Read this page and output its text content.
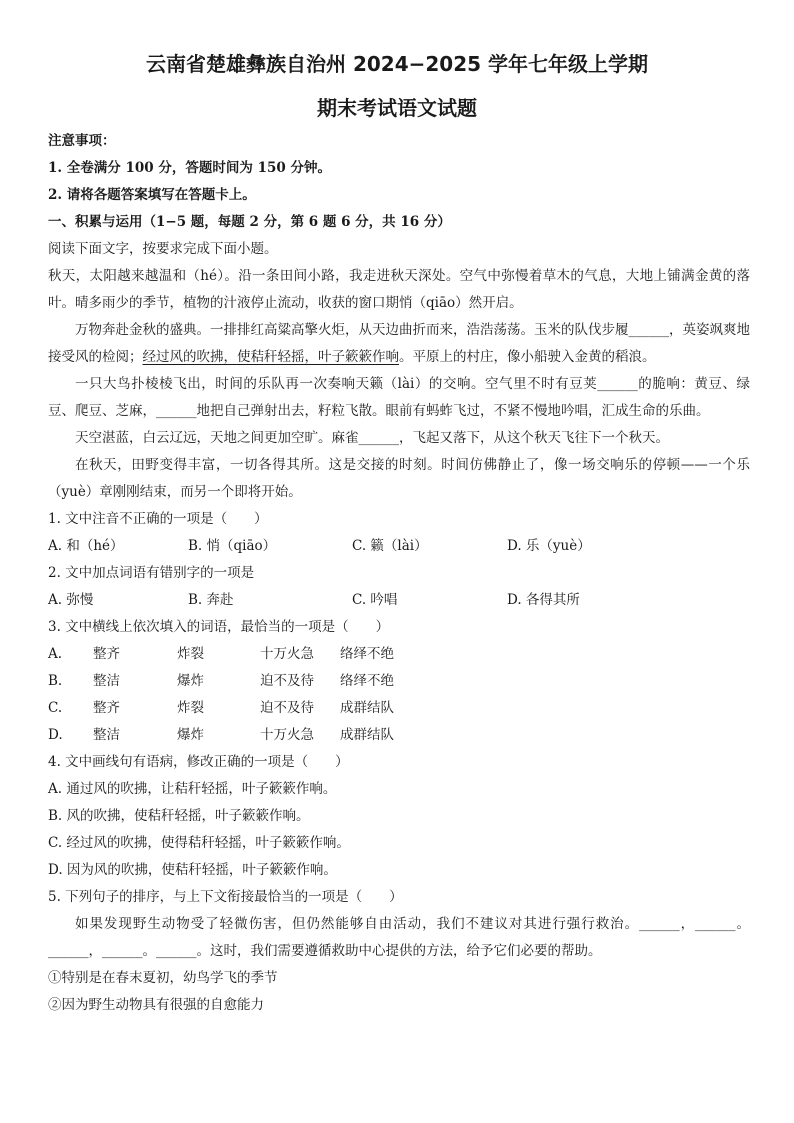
云南省楚雄彝族自治州 2024−2025 学年七年级上学期
期末考试语文试题
注意事项：
1. 全卷满分 100 分，答题时间为 150 分钟。
2. 请将各题答案填写在答题卡上。
一、积累与运用（1−5 题，每题 2 分，第 6 题 6 分，共 16 分）
阅读下面文字，按要求完成下面小题。
秋天，太阳越来越温和（hé）。沿一条田间小路，我走进秋天深处。空气中弥慢着草木的气息，大地上铺满金黄的落叶。晴多雨少的季节，植物的汁液停止流动，收获的窗口期悄（qiāo）然开启。
万物奔赴金秋的盛典。一排排红高粱高擎火炬，从天边曲折而来，浩浩荡荡。玉米的队伐步履______，英姿飒爽地接受风的检阅；经过风的吹拂，使秸秆轻摇，叶子簌簌作响。平原上的村庄，像小船驶入金黄的稻浪。
一只大鸟扑棱棱飞出，时间的乐队再一次奏响天籁（lài）的交响。空气里不时有豆荚______的脆响：黄豆、绿豆、爬豆、芝麻，______地把自己弹射出去，籽粒飞散。眼前有蚂蚱飞过，不紧不慢地吟唱，汇成生命的乐曲。
天空湛蓝，白云辽远，天地之间更加空旷。麻雀______，飞起又落下，从这个秋天飞往下一个秋天。
在秋天，田野变得丰富，一切各得其所。这是交接的时刻。时间仿佛静止了，像一场交响乐的停顿——一个乐（yuè）章刚刚结束，而另一个即将开始。
1. 文中注音不正确的一项是（　　）
A. 和（hé）	B. 悄（qiāo）	C. 籁（lài）	D. 乐（yuè）
2. 文中加点词语有错别字的一项是
A. 弥慢	B. 奔赴	C. 吟唱	D. 各得其所
3. 文中横线上依次填入的词语，最恰当的一项是（　　）
A. 整齐	炸裂	十万火急 络绎不绝
B. 整洁	爆炸	迫不及待 络绎不绝
C. 整齐	炸裂	迫不及待 成群结队
D. 整洁	爆炸	十万火急 成群结队
4. 文中画线句有语病，修改正确的一项是（　　）
A. 通过风的吹拂，让秸秆轻摇，叶子簌簌作响。
B. 风的吹拂，使秸秆轻摇，叶子簌簌作响。
C. 经过风的吹拂，使得秸秆轻摇，叶子簌簌作响。
D. 因为风的吹拂，使秸秆轻摇，叶子簌簌作响。
5. 下列句子的排序，与上下文衔接最恰当的一项是（　　）
如果发现野生动物受了轻微伤害，但仍然能够自由活动，我们不建议对其进行强行救治。______，______。______，______。______。这时，我们需要遵循救助中心提供的方法，给予它们必要的帮助。
①特别是在春末夏初，幼鸟学飞的季节
②因为野生动物具有很强的自愈能力
